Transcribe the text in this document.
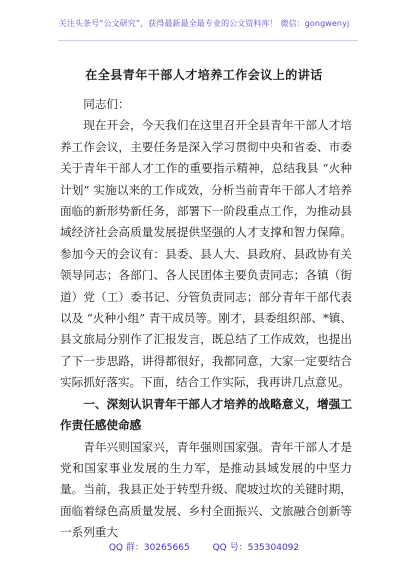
关注头条号“公文研究”，获得最新最全最专业的公文资料库！ 微信：gongwenyj
在全县青年干部人才培养工作会议上的讲话

同志们：

现在开会，今天我们在这里召开全县青年干部人才培养工作会议，主要任务是深入学习贯彻中央和省委、市委关于青年干部人才工作的重要指示精神，总结我县 “火种计划” 实施以来的工作成效，分析当前青年干部人才培养面临的新形势新任务，部署下一阶段重点工作，为推动县域经济社会高质量发展提供坚强的人才支撑和智力保障。参加今天的会议有：县委、县人大、县政府、县政协有关领导同志；各部门、各人民团体主要负责同志；各镇（街道）党（工）委书记、分管负责同志；部分青年干部代表以及 “火种小组” 青干成员等。刚才，县委组织部、*镇、县文旅局分别作了汇报发言，既总结了工作成效，也提出了下一步思路，讲得都很好，我都同意，大家一定要结合实际抓好落实。下面，结合工作实际，我再讲几点意见。

一、深刻认识青年干部人才培养的战略意义，增强工作责任感使命感

青年兴则国家兴，青年强则国家强。青年干部人才是党和国家事业发展的生力军，是推动县域发展的中坚力量。当前，我县正处于转型升级、爬坡过坎的关键时期，面临着绿色高质量发展、乡村全面振兴、文旅融合创新等一系列重大

QQ 群：30265665	QQ 号：535304092
